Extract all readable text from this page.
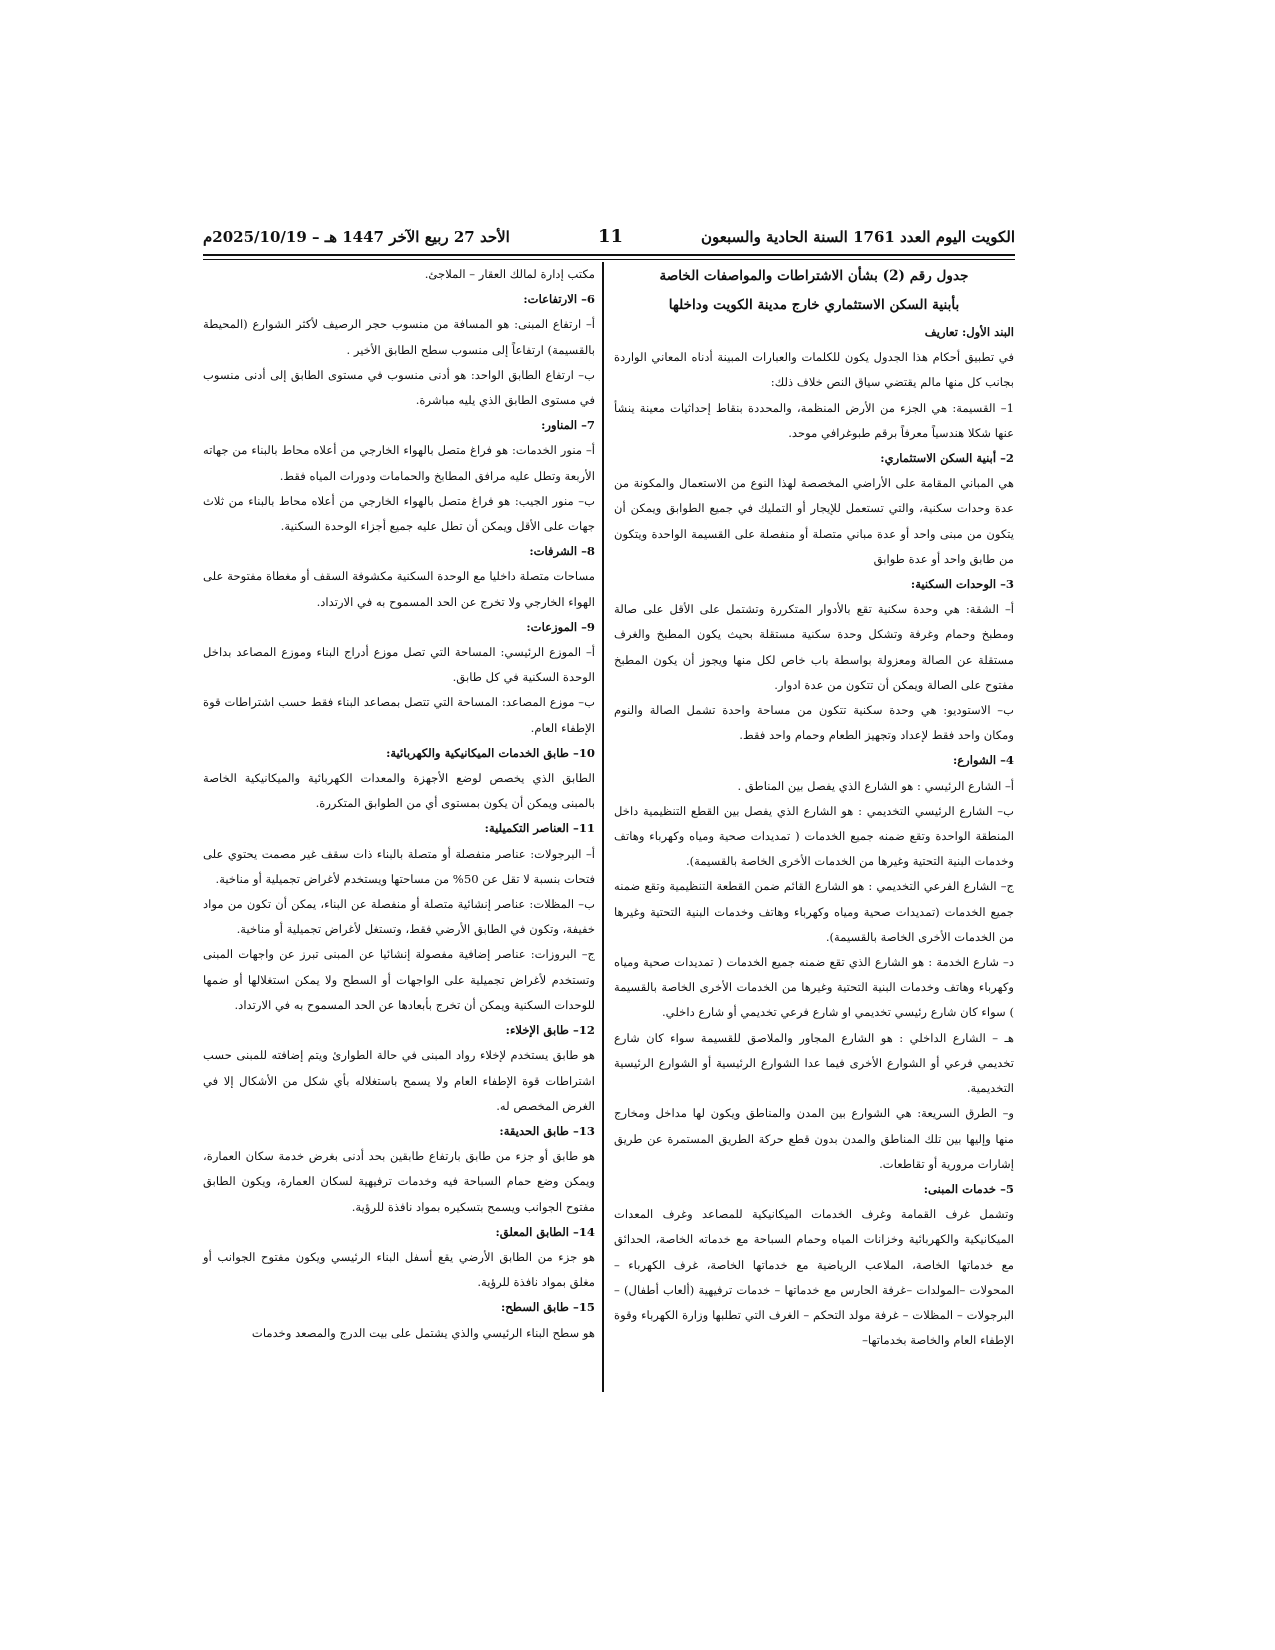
الكويت اليوم العدد 1761 السنة الحادية والسبعون
11
الأحد 27 ربيع الآخر 1447 هـ – 2025/10/19م

جدول رقم (2) بشأن الاشتراطات والمواصفات الخاصة

بأبنية السكن الاستثماري خارج مدينة الكويت وداخلها

البند الأول: تعاريف

في تطبيق أحكام هذا الجدول يكون للكلمات والعبارات المبينة أدناه المعاني الواردة بجانب كل منها مالم يقتضي سياق النص خلاف ذلك:

1– القسيمة: هي الجزء من الأرض المنظمة، والمحددة بنقاط إحداثيات معينة ينشأ عنها شكلا هندسياً معرفاً برقم طبوغرافي موحد.

2– أبنية السكن الاستثماري:

هي المباني المقامة على الأراضي المخصصة لهذا النوع من الاستعمال والمكونة من عدة وحدات سكنية، والتي تستعمل للإيجار أو التمليك في جميع الطوابق ويمكن أن يتكون من مبنى واحد أو عدة مباني متصلة أو منفصلة على القسيمة الواحدة ويتكون من طابق واحد أو عدة طوابق

3– الوحدات السكنية:

أ– الشقة: هي وحدة سكنية تقع بالأدوار المتكررة وتشتمل على الأقل على صالة ومطبخ وحمام وغرفة وتشكل وحدة سكنية مستقلة بحيث يكون المطبخ والغرف مستقلة عن الصالة ومعزولة بواسطة باب خاص لكل منها ويجوز أن يكون المطبخ مفتوح على الصالة ويمكن أن تتكون من عدة ادوار.

ب– الاستوديو: هي وحدة سكنية تتكون من مساحة واحدة تشمل الصالة والنوم ومكان واحد فقط لإعداد وتجهيز الطعام وحمام واحد فقط.

4– الشوارع:

أ– الشارع الرئيسي : هو الشارع الذي يفصل بين المناطق .

ب– الشارع الرئيسي التخديمي : هو الشارع الذي يفصل بين القطع التنظيمية داخل المنطقة الواحدة وتقع ضمنه جميع الخدمات ( تمديدات صحية ومياه وكهرباء وهاتف وخدمات البنية التحتية وغيرها من الخدمات الأخرى الخاصة بالقسيمة).

ج– الشارع الفرعي التخديمي : هو الشارع القائم ضمن القطعة التنظيمية وتقع ضمنه جميع الخدمات (تمديدات صحية ومياه وكهرباء وهاتف وخدمات البنية التحتية وغيرها من الخدمات الأخرى الخاصة بالقسيمة).

د– شارع الخدمة : هو الشارع الذي تقع ضمنه جميع الخدمات ( تمديدات صحية ومياه وكهرباء وهاتف وخدمات البنية التحتية وغيرها من الخدمات الأخرى الخاصة بالقسيمة ) سواء كان شارع رئيسي تخديمي او شارع فرعي تخديمي أو شارع داخلي.

هـ – الشارع الداخلي : هو الشارع المجاور والملاصق للقسيمة سواء كان شارع تخديمي فرعي أو الشوارع الأخرى فيما عدا الشوارع الرئيسية أو الشوارع الرئيسية التخديمية.

و– الطرق السريعة: هي الشوارع بين المدن والمناطق ويكون لها مداخل ومخارج منها وإليها بين تلك المناطق والمدن بدون قطع حركة الطريق المستمرة عن طريق إشارات مرورية أو تقاطعات.

5– خدمات المبنى:

وتشمل غرف القمامة وغرف الخدمات الميكانيكية للمصاعد وغرف المعدات الميكانيكية والكهربائية وخزانات المياه وحمام السباحة مع خدماته الخاصة، الحدائق مع خدماتها الخاصة، الملاعب الرياضية مع خدماتها الخاصة، غرف الكهرباء – المحولات –المولدات –غرفة الحارس مع خدماتها – خدمات ترفيهية (ألعاب أطفال) – البرجولات – المظلات – غرفة مولد التحكم – الغرف التي تطلبها وزارة الكهرباء وقوة الإطفاء العام والخاصة بخدماتها–

مكتب إدارة لمالك العقار – الملاجئ.

6– الارتفاعات:

أ– ارتفاع المبنى: هو المسافة من منسوب حجر الرصيف لأكثر الشوارع (المحيطة بالقسيمة) ارتفاعاً إلى منسوب سطح الطابق الأخير .

ب– ارتفاع الطابق الواحد: هو أدنى منسوب في مستوى الطابق إلى أدنى منسوب في مستوى الطابق الذي يليه مباشرة.

7– المناور:

أ– منور الخدمات: هو فراغ متصل بالهواء الخارجي من أعلاه محاط بالبناء من جهاته الأربعة وتطل عليه مرافق المطابخ والحمامات ودورات المياه فقط.

ب– منور الجيب: هو فراغ متصل بالهواء الخارجي من أعلاه محاط بالبناء من ثلاث جهات على الأقل ويمكن أن تطل عليه جميع أجزاء الوحدة السكنية.

8– الشرفات:

مساحات متصلة داخليا مع الوحدة السكنية مكشوفة السقف أو مغطاة مفتوحة على الهواء الخارجي ولا تخرج عن الحد المسموح به في الارتداد.

9– الموزعات:

أ– الموزع الرئيسي: المساحة التي تصل موزع أدراج البناء وموزع المصاعد بداخل الوحدة السكنية في كل طابق.

ب– موزع المصاعد: المساحة التي تتصل بمصاعد البناء فقط حسب اشتراطات قوة الإطفاء العام.

10– طابق الخدمات الميكانيكية والكهربائية:

الطابق الذي يخصص لوضع الأجهزة والمعدات الكهربائية والميكانيكية الخاصة بالمبنى ويمكن أن يكون بمستوى أي من الطوابق المتكررة.

11– العناصر التكميلية:

أ– البرجولات: عناصر منفصلة أو متصلة بالبناء ذات سقف غير مصمت يحتوي على فتحات بنسبة لا تقل عن 50% من مساحتها ويستخدم لأغراض تجميلية أو مناخية.

ب– المظلات: عناصر إنشائية متصلة أو منفصلة عن البناء، يمكن أن تكون من مواد خفيفة، وتكون في الطابق الأرضي فقط، وتستغل لأغراض تجميلية أو مناخية.

ج– البروزات: عناصر إضافية مفصولة إنشائيا عن المبنى تبرز عن واجهات المبنى وتستخدم لأغراض تجميلية على الواجهات أو السطح ولا يمكن استغلالها أو ضمها للوحدات السكنية ويمكن أن تخرج بأبعادها عن الحد المسموح به في الارتداد.

12– طابق الإخلاء:

هو طابق يستخدم لإخلاء رواد المبنى في حالة الطوارئ ويتم إضافته للمبنى حسب اشتراطات قوة الإطفاء العام ولا يسمح باستغلاله بأي شكل من الأشكال إلا في الغرض المخصص له.

13– طابق الحديقة:

هو طابق أو جزء من طابق بارتفاع طابقين بحد أدنى بغرض خدمة سكان العمارة، ويمكن وضع حمام السباحة فيه وخدمات ترفيهية لسكان العمارة، ويكون الطابق مفتوح الجوانب ويسمح بتسكيره بمواد نافذة للرؤية.

14– الطابق المعلق:

هو جزء من الطابق الأرضي يقع أسفل البناء الرئيسي ويكون مفتوح الجوانب أو مغلق بمواد نافذة للرؤية.

15– طابق السطح:

هو سطح البناء الرئيسي والذي يشتمل على بيت الدرج والمصعد وخدمات
